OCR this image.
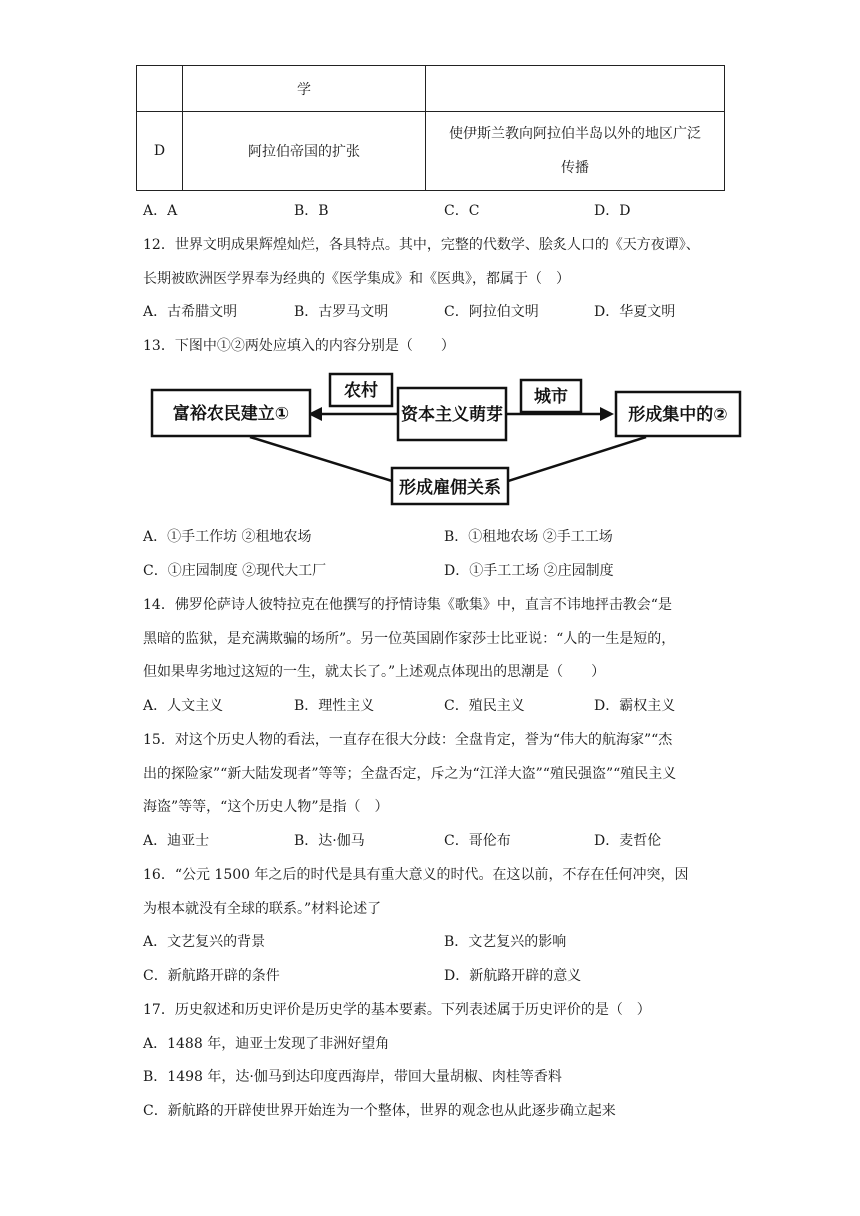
	学	
D	阿拉伯帝国的扩张	使伊斯兰教向阿拉伯半岛以外的地区广泛
传播
A．A	B．B	C．C	D．D
12．世界文明成果辉煌灿烂，各具特点。其中，完整的代数学、脍炙人口的《天方夜谭》、
长期被欧洲医学界奉为经典的《医学集成》和《医典》，都属于（　）
A．古希腊文明	B．古罗马文明	C．阿拉伯文明	D．华夏文明
13．下图中①②两处应填入的内容分别是（　　）
富裕农民建立①
农村
资本主义萌芽
城市
形成集中的②
形成雇佣关系
A．①手工作坊 ②租地农场	B．①租地农场 ②手工工场
C．①庄园制度 ②现代大工厂	D．①手工工场 ②庄园制度
14．佛罗伦萨诗人彼特拉克在他撰写的抒情诗集《歌集》中，直言不讳地抨击教会“是
黑暗的监狱，是充满欺骗的场所”。另一位英国剧作家莎士比亚说：“人的一生是短的，
但如果卑劣地过这短的一生，就太长了。”上述观点体现出的思潮是（　　）
A．人文主义	B．理性主义	C．殖民主义	D．霸权主义
15．对这个历史人物的看法，一直存在很大分歧：全盘肯定，誉为“伟大的航海家”“杰
出的探险家”“新大陆发现者”等等；全盘否定，斥之为“江洋大盗”“殖民强盗”“殖民主义
海盗”等等，“这个历史人物”是指（　）
A．迪亚士	B．达·伽马	C．哥伦布	D．麦哲伦
16．“公元 1500 年之后的时代是具有重大意义的时代。在这以前，不存在任何冲突，因
为根本就没有全球的联系。”材料论述了
A．文艺复兴的背景	B．文艺复兴的影响
C．新航路开辟的条件	D．新航路开辟的意义
17．历史叙述和历史评价是历史学的基本要素。下列表述属于历史评价的是（　）
A．1488 年，迪亚士发现了非洲好望角
B．1498 年，达·伽马到达印度西海岸，带回大量胡椒、肉桂等香料
C．新航路的开辟使世界开始连为一个整体，世界的观念也从此逐步确立起来
